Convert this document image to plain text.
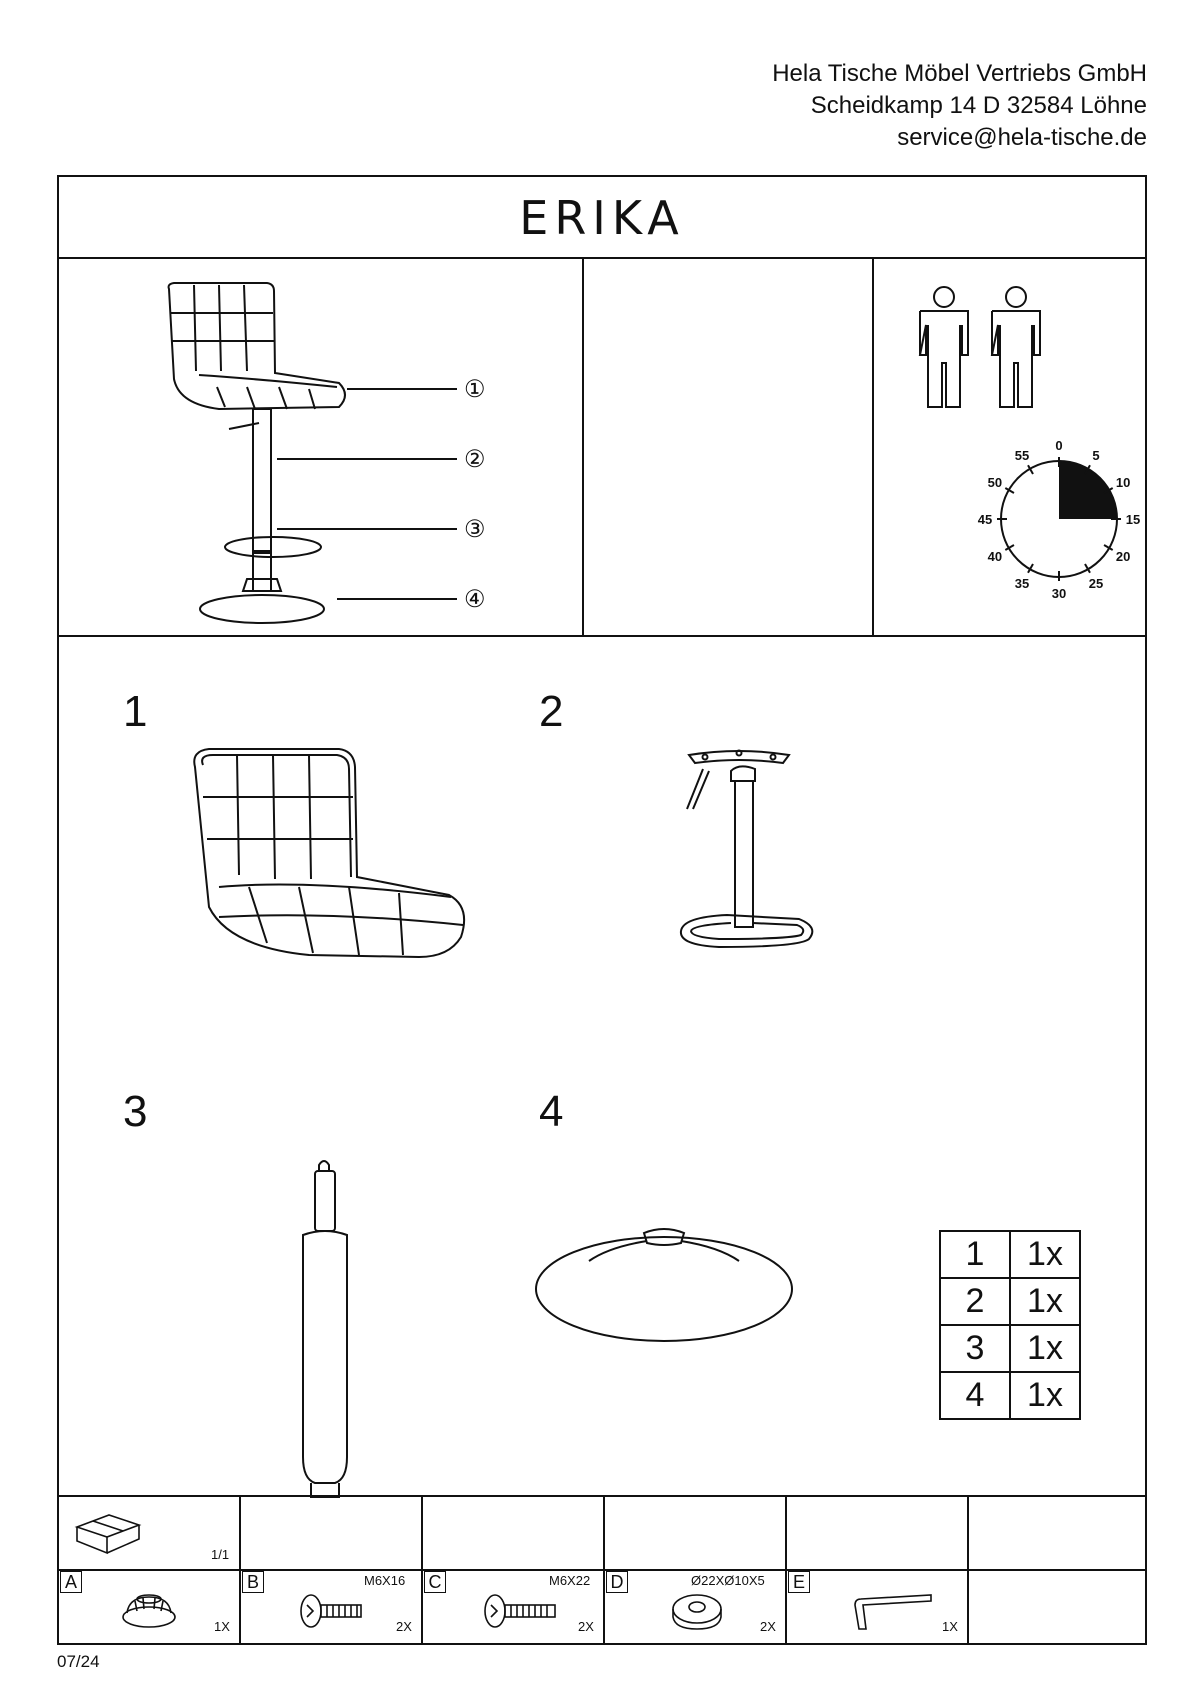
Hela Tische Möbel Vertriebs GmbH
Scheidkamp 14 D 32584 Löhne
service@hela-tische.de
ERIKA
①
②
③
④
0
5
10
15
20
25
30
35
40
45
50
55
1	2
3	4
1	1x
2	1x
3	1x
4	1x
1/1
A
1X
B	M6X16
2X
C	M6X22
2X
D	Ø22XØ10X5
2X
E
1X
07/24
